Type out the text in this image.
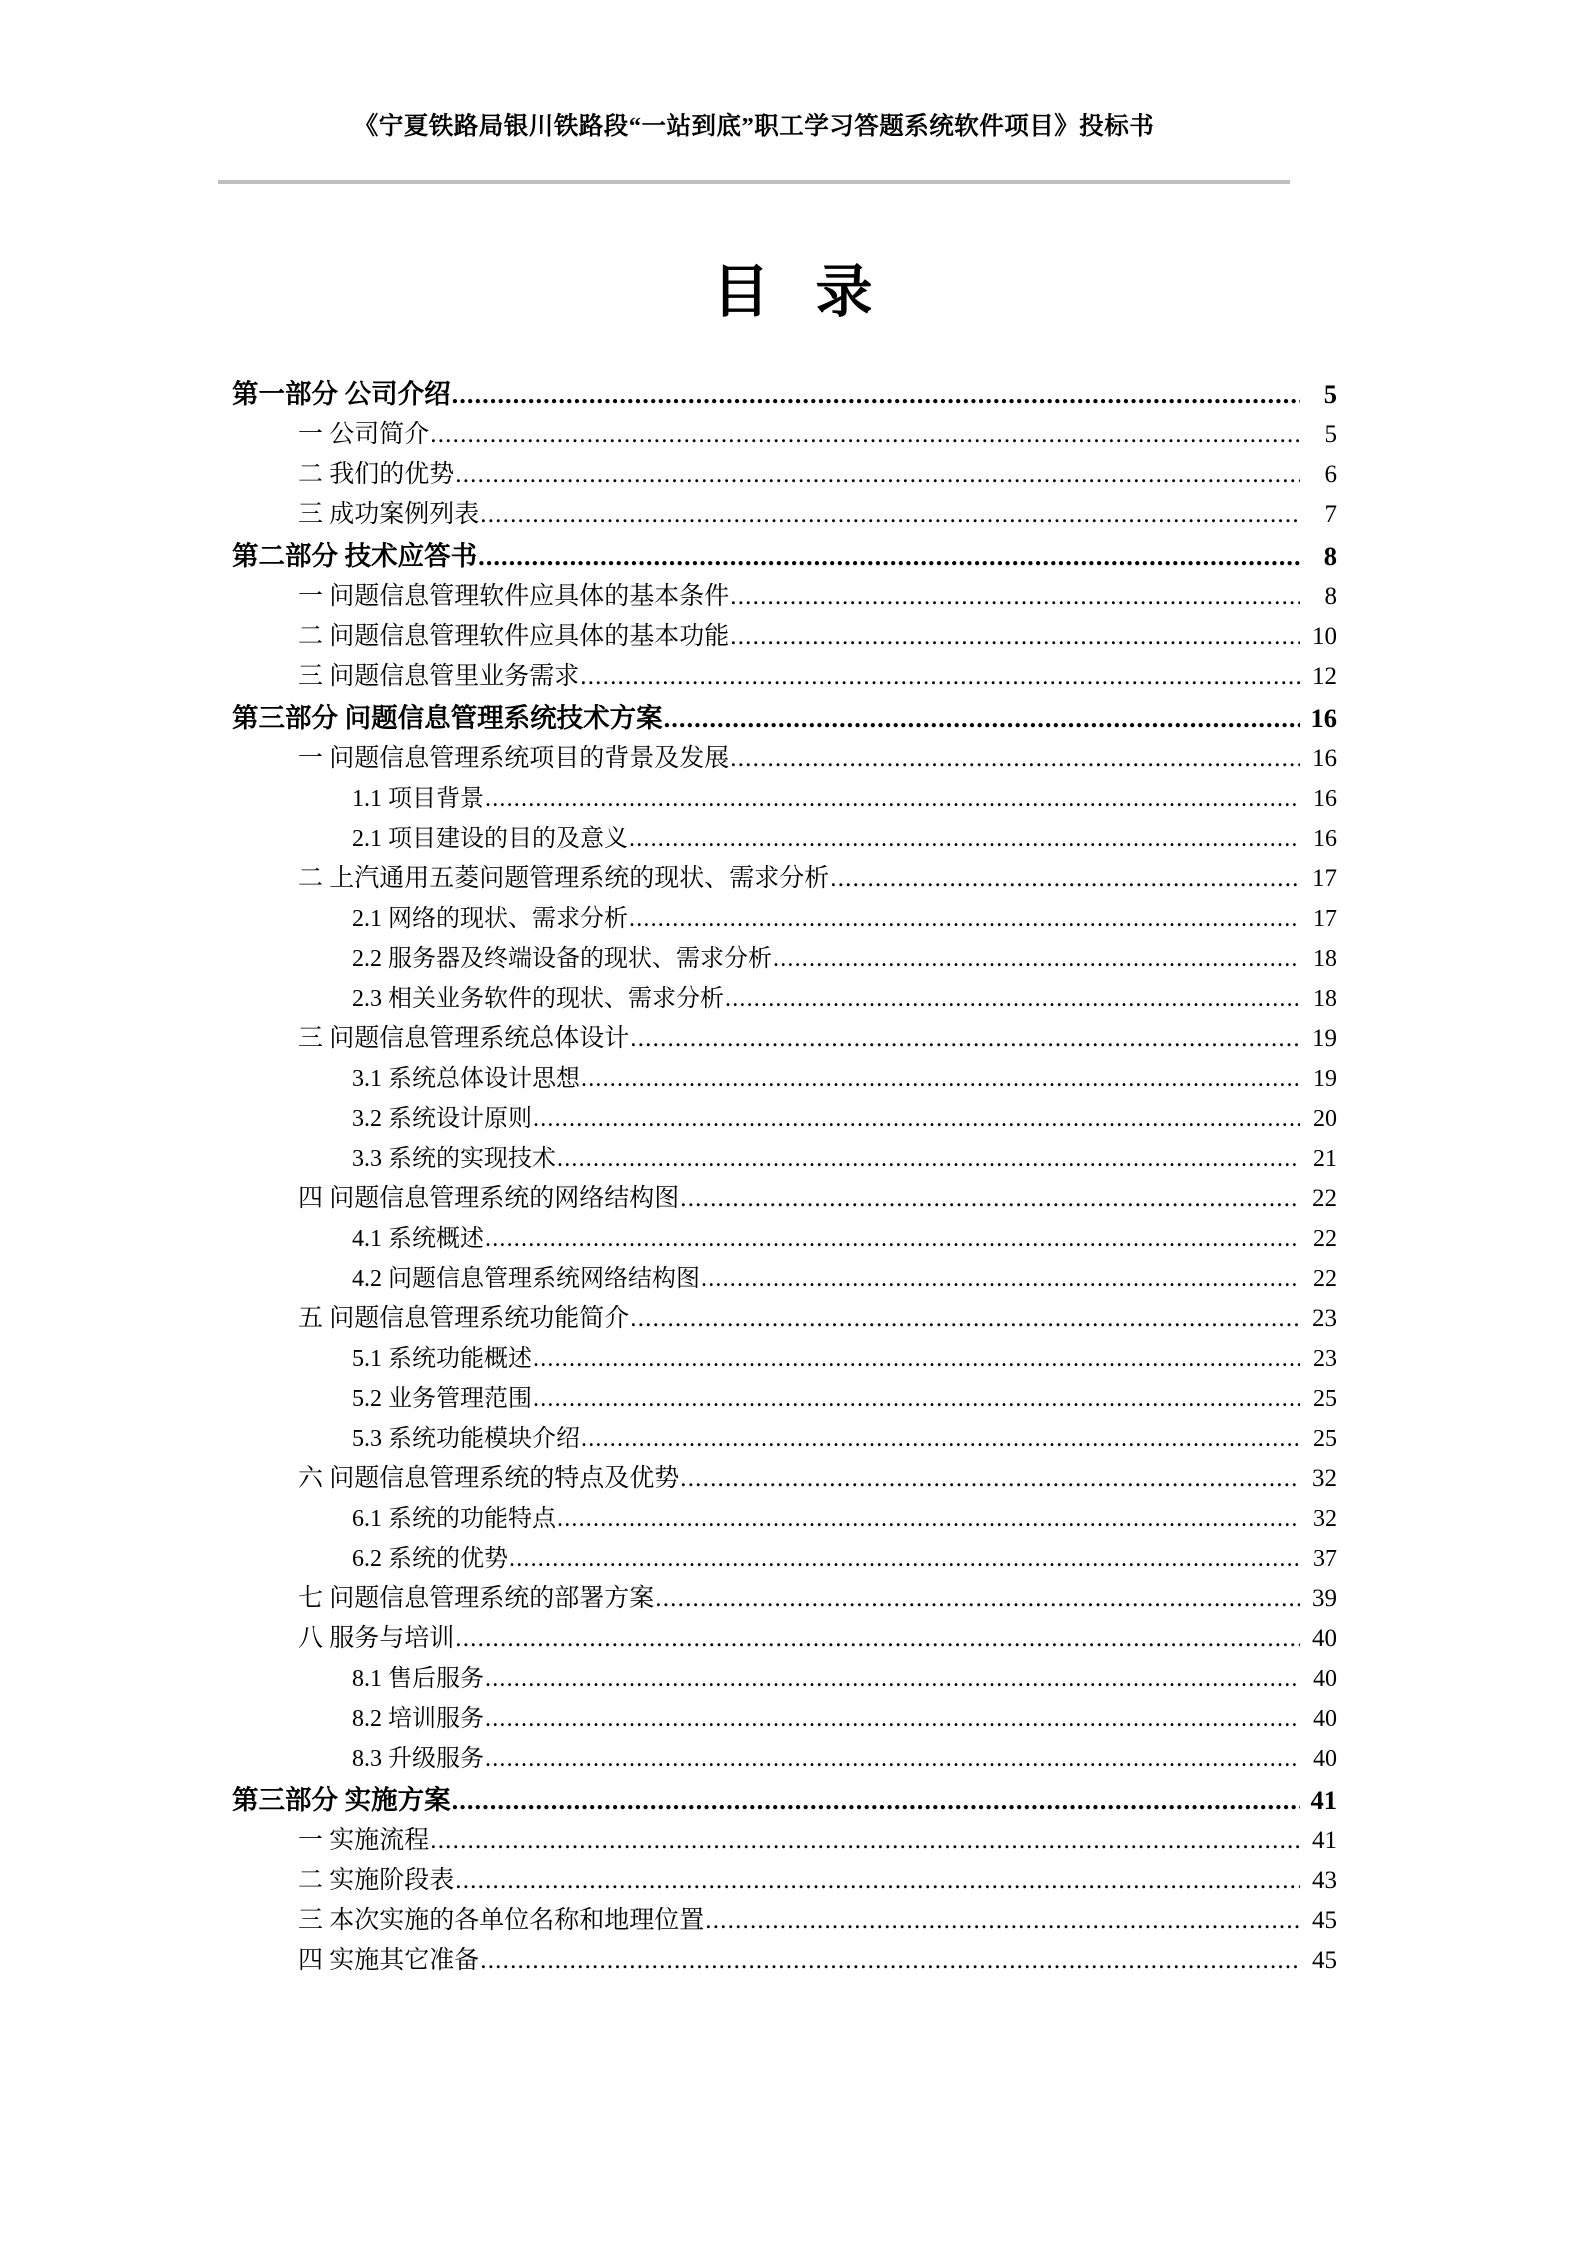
《宁夏铁路局银川铁路段“一站到底”职工学习答题系统软件项目》投标书
目 录
第一部分 公司介绍 .....	5
一 公司简介 .....	5
二 我们的优势 .....	6
三 成功案例列表 .....	7
第二部分 技术应答书 .....	8
一 问题信息管理软件应具体的基本条件 .....	8
二 问题信息管理软件应具体的基本功能 .....	10
三 问题信息管里业务需求 .....	12
第三部分 问题信息管理系统技术方案 .....	16
一 问题信息管理系统项目的背景及发展 .....	16
1.1 项目背景 .....	16
2.1 项目建设的目的及意义 .....	16
二 上汽通用五菱问题管理系统的现状、需求分析 .....	17
2.1 网络的现状、需求分析 .....	17
2.2 服务器及终端设备的现状、需求分析 .....	18
2.3 相关业务软件的现状、需求分析 .....	18
三 问题信息管理系统总体设计 .....	19
3.1 系统总体设计思想 .....	19
3.2 系统设计原则 .....	20
3.3 系统的实现技术 .....	21
四 问题信息管理系统的网络结构图 .....	22
4.1 系统概述 .....	22
4.2 问题信息管理系统网络结构图 .....	22
五 问题信息管理系统功能简介 .....	23
5.1 系统功能概述 .....	23
5.2 业务管理范围 .....	25
5.3 系统功能模块介绍 .....	25
六 问题信息管理系统的特点及优势 .....	32
6.1 系统的功能特点 .....	32
6.2 系统的优势 .....	37
七 问题信息管理系统的部署方案 .....	39
八 服务与培训 .....	40
8.1 售后服务 .....	40
8.2 培训服务 .....	40
8.3 升级服务 .....	40
第三部分 实施方案 .....	41
一 实施流程 .....	41
二 实施阶段表 .....	43
三 本次实施的各单位名称和地理位置 .....	45
四 实施其它准备 .....	45
